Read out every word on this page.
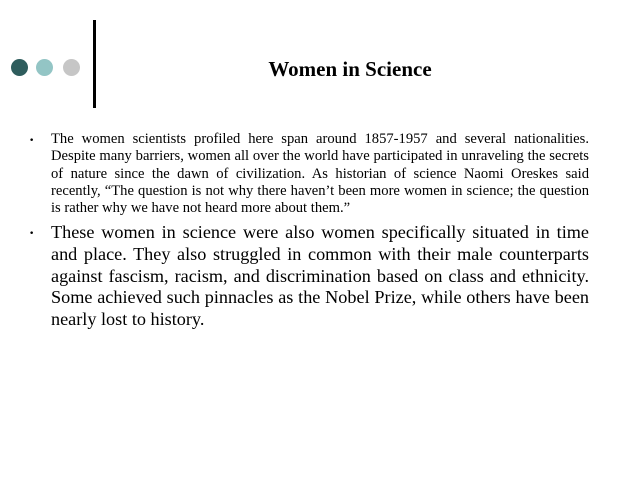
Women in Science
• The women scientists profiled here span around 1857-1957 and several nationalities. Despite many barriers, women all over the world have participated in unraveling the secrets of nature since the dawn of civilization. As historian of science Naomi Oreskes said recently, “The question is not why there haven’t been more women in science; the question is rather why we have not heard more about them.”
• These women in science were also women specifically situated in time and place. They also struggled in common with their male counterparts against fascism, racism, and discrimination based on class and ethnicity. Some achieved such pinnacles as the Nobel Prize, while others have been nearly lost to history.
